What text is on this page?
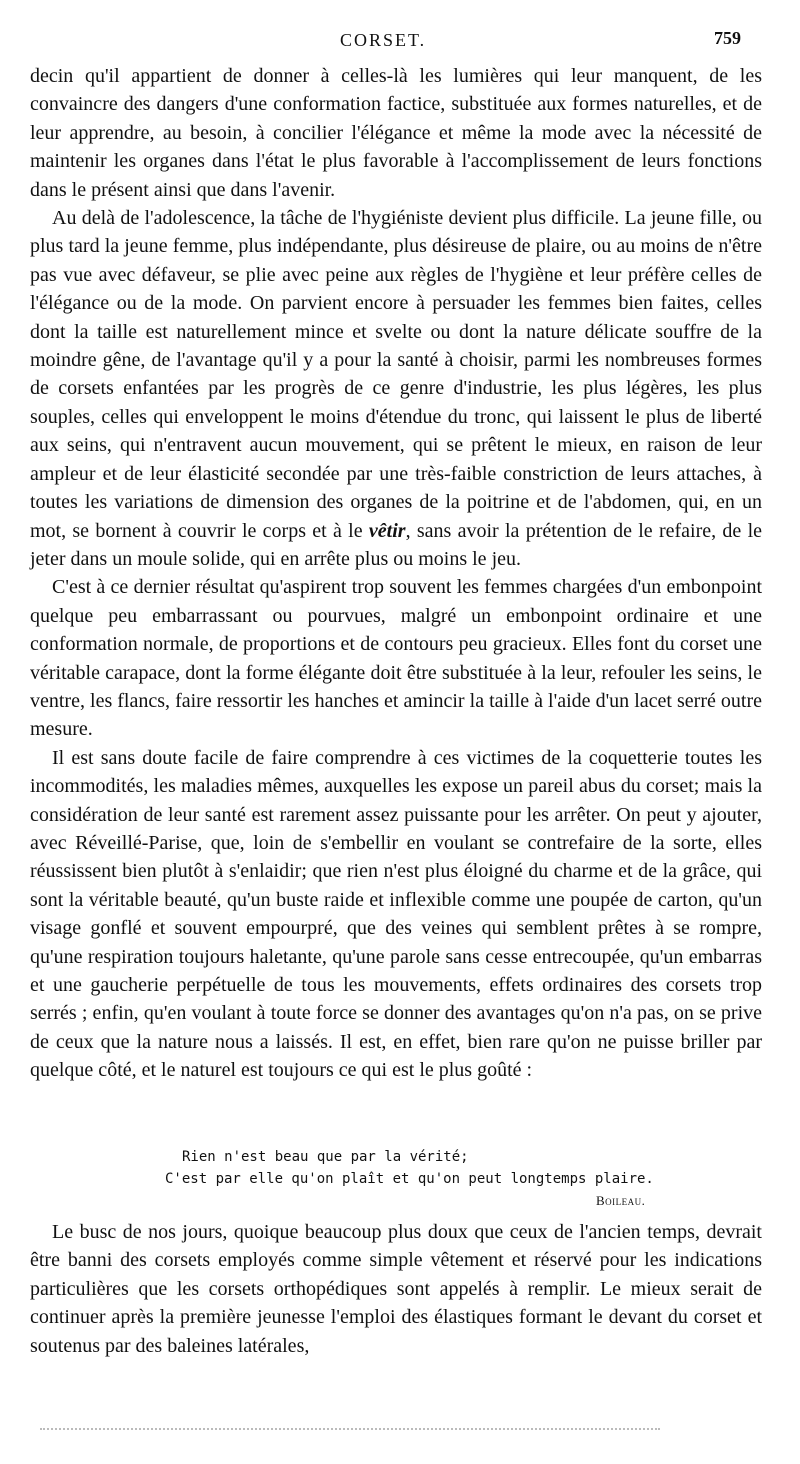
CORSET.	759

decin qu'il appartient de donner à celles-là les lumières qui leur manquent, de les convaincre des dangers d'une conformation factice, substituée aux formes naturelles, et de leur apprendre, au besoin, à concilier l'élégance et même la mode avec la nécessité de maintenir les organes dans l'état le plus favorable à l'accomplissement de leurs fonctions dans le présent ainsi que dans l'avenir.

Au delà de l'adolescence, la tâche de l'hygiéniste devient plus difficile. La jeune fille, ou plus tard la jeune femme, plus indépendante, plus désireuse de plaire, ou au moins de n'être pas vue avec défaveur, se plie avec peine aux règles de l'hygiène et leur préfère celles de l'élégance ou de la mode. On parvient encore à persuader les femmes bien faites, celles dont la taille est naturellement mince et svelte ou dont la nature délicate souffre de la moindre gêne, de l'avantage qu'il y a pour la santé à choisir, parmi les nombreuses formes de corsets enfantées par les progrès de ce genre d'industrie, les plus légères, les plus souples, celles qui enveloppent le moins d'étendue du tronc, qui laissent le plus de liberté aux seins, qui n'entravent aucun mouvement, qui se prêtent le mieux, en raison de leur ampleur et de leur élasticité secondée par une très-faible constriction de leurs attaches, à toutes les variations de dimension des organes de la poitrine et de l'abdomen, qui, en un mot, se bornent à couvrir le corps et à le vêtir, sans avoir la prétention de le refaire, de le jeter dans un moule solide, qui en arrête plus ou moins le jeu.

C'est à ce dernier résultat qu'aspirent trop souvent les femmes chargées d'un embonpoint quelque peu embarrassant ou pourvues, malgré un embonpoint ordinaire et une conformation normale, de proportions et de contours peu gracieux. Elles font du corset une véritable carapace, dont la forme élégante doit être substituée à la leur, refouler les seins, le ventre, les flancs, faire ressortir les hanches et amincir la taille à l'aide d'un lacet serré outre mesure.

Il est sans doute facile de faire comprendre à ces victimes de la coquetterie toutes les incommodités, les maladies mêmes, auxquelles les expose un pareil abus du corset; mais la considération de leur santé est rarement assez puissante pour les arrêter. On peut y ajouter, avec Réveillé-Parise, que, loin de s'embellir en voulant se contrefaire de la sorte, elles réussissent bien plutôt à s'enlaidir; que rien n'est plus éloigné du charme et de la grâce, qui sont la véritable beauté, qu'un buste raide et inflexible comme une poupée de carton, qu'un visage gonflé et souvent empourpré, que des veines qui semblent prêtes à se rompre, qu'une respiration toujours haletante, qu'une parole sans cesse entrecoupée, qu'un embarras et une gaucherie perpétuelle de tous les mouvements, effets ordinaires des corsets trop serrés ; enfin, qu'en voulant à toute force se donner des avantages qu'on n'a pas, on se prive de ceux que la nature nous a laissés. Il est, en effet, bien rare qu'on ne puisse briller par quelque côté, et le naturel est toujours ce qui est le plus goûté :

Rien n'est beau que par la vérité;
C'est par elle qu'on plaît et qu'on peut longtemps plaire.
Boileau.

Le busc de nos jours, quoique beaucoup plus doux que ceux de l'ancien temps, devrait être banni des corsets employés comme simple vêtement et réservé pour les indications particulières que les corsets orthopédiques sont appelés à remplir. Le mieux serait de continuer après la première jeunesse l'emploi des élastiques formant le devant du corset et soutenus par des baleines latérales,
